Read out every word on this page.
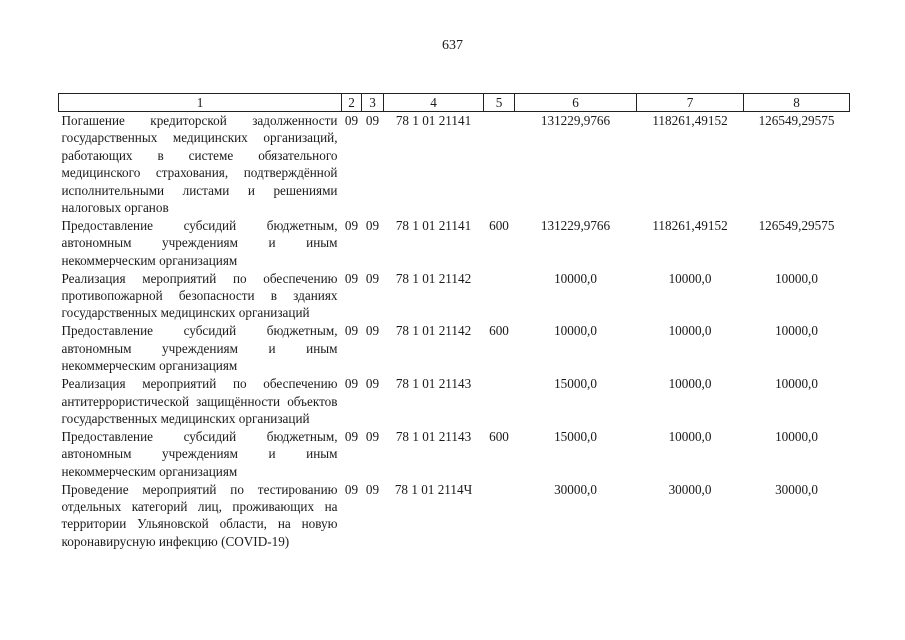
637
1	2	3	4	5	6	7	8
Погашение кредиторской задолженности государственных медицинских организаций, работающих в системе обязательного медицинского страхования, подтверждённой исполнительными листами и решениями налоговых органов	09	09	78 1 01 21141		131229,9766	118261,49152	126549,29575
Предоставление субсидий бюджетным, автономным учреждениям и иным некоммерческим организациям	09	09	78 1 01 21141	600	131229,9766	118261,49152	126549,29575
Реализация мероприятий по обеспечению противопожарной безопасности в зданиях государственных медицинских организаций	09	09	78 1 01 21142		10000,0	10000,0	10000,0
Предоставление субсидий бюджетным, автономным учреждениям и иным некоммерческим организациям	09	09	78 1 01 21142	600	10000,0	10000,0	10000,0
Реализация мероприятий по обеспечению антитеррористической защищённости объектов государственных медицинских организаций	09	09	78 1 01 21143		15000,0	10000,0	10000,0
Предоставление субсидий бюджетным, автономным учреждениям и иным некоммерческим организациям	09	09	78 1 01 21143	600	15000,0	10000,0	10000,0
Проведение мероприятий по тестированию отдельных категорий лиц, проживающих на территории Ульяновской области, на новую коронавирусную инфекцию (COVID-19)	09	09	78 1 01 2114Ч		30000,0	30000,0	30000,0
